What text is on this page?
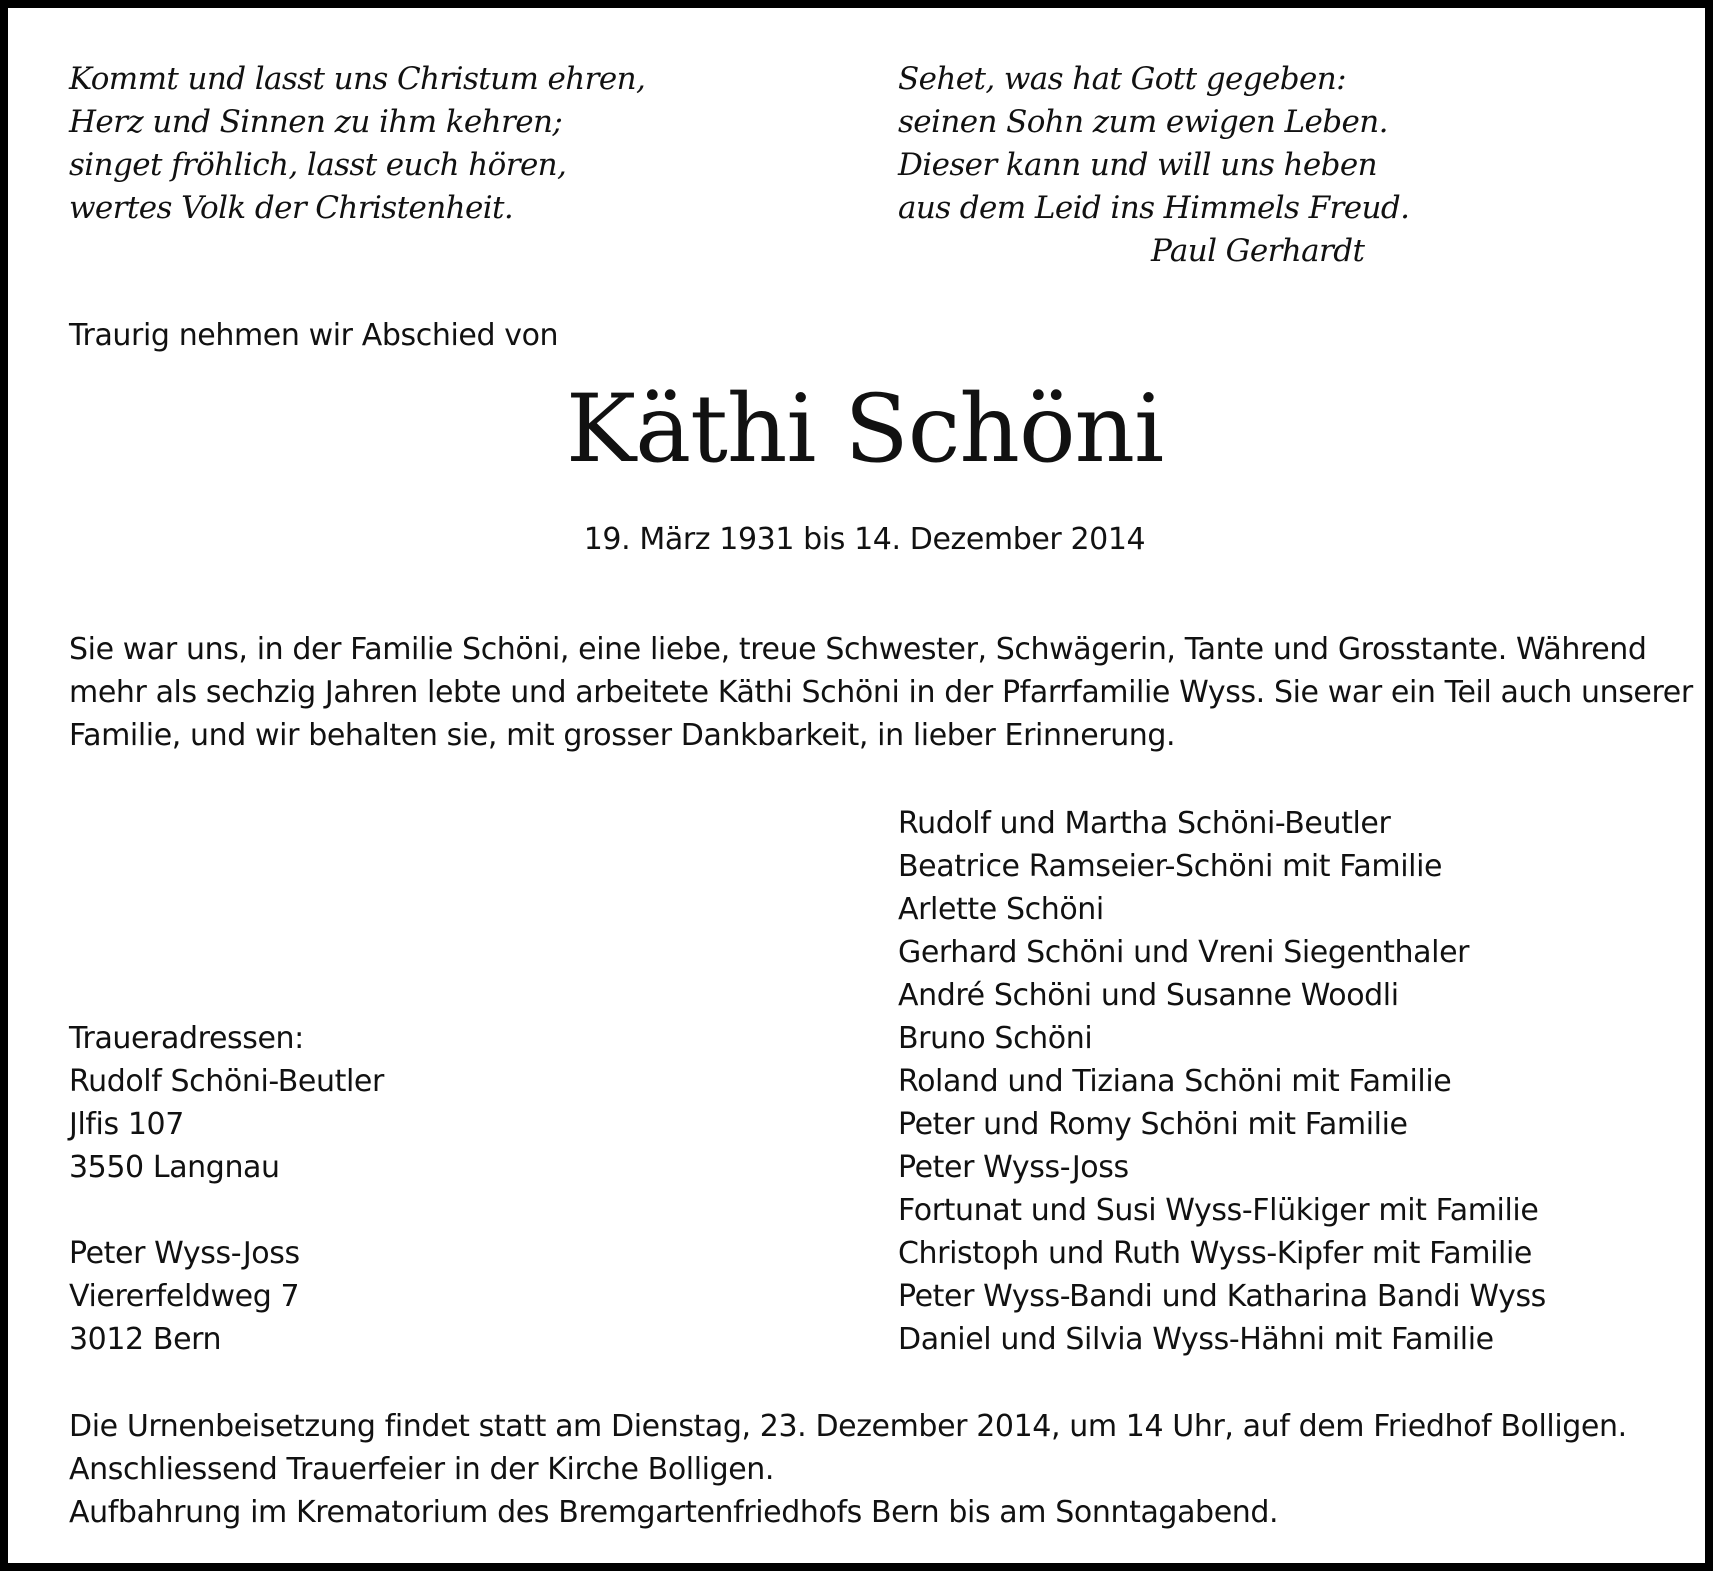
Kommt und lasst uns Christum ehren,
Herz und Sinnen zu ihm kehren;
singet fröhlich, lasst euch hören,
wertes Volk der Christenheit.
Sehet, was hat Gott gegeben:
seinen Sohn zum ewigen Leben.
Dieser kann und will uns heben
aus dem Leid ins Himmels Freud.
Paul Gerhardt
Traurig nehmen wir Abschied von
Käthi Schöni
19. März 1931 bis 14. Dezember 2014
Sie war uns, in der Familie Schöni, eine liebe, treue Schwester, Schwägerin, Tante und Grosstante. Während
mehr als sechzig Jahren lebte und arbeitete Käthi Schöni in der Pfarrfamilie Wyss. Sie war ein Teil auch unserer
Familie, und wir behalten sie, mit grosser Dankbarkeit, in lieber Erinnerung.
Rudolf und Martha Schöni-Beutler
Beatrice Ramseier-Schöni mit Familie
Arlette Schöni
Gerhard Schöni und Vreni Siegenthaler
André Schöni und Susanne Woodli
Bruno Schöni
Roland und Tiziana Schöni mit Familie
Peter und Romy Schöni mit Familie
Peter Wyss-Joss
Fortunat und Susi Wyss-Flükiger mit Familie
Christoph und Ruth Wyss-Kipfer mit Familie
Peter Wyss-Bandi und Katharina Bandi Wyss
Daniel und Silvia Wyss-Hähni mit Familie
Traueradressen:
Rudolf Schöni-Beutler
Jlfis 107
3550 Langnau
Peter Wyss-Joss
Viererfeldweg 7
3012 Bern
Die Urnenbeisetzung findet statt am Dienstag, 23. Dezember 2014, um 14 Uhr, auf dem Friedhof Bolligen.
Anschliessend Trauerfeier in der Kirche Bolligen.
Aufbahrung im Krematorium des Bremgartenfriedhofs Bern bis am Sonntagabend.
